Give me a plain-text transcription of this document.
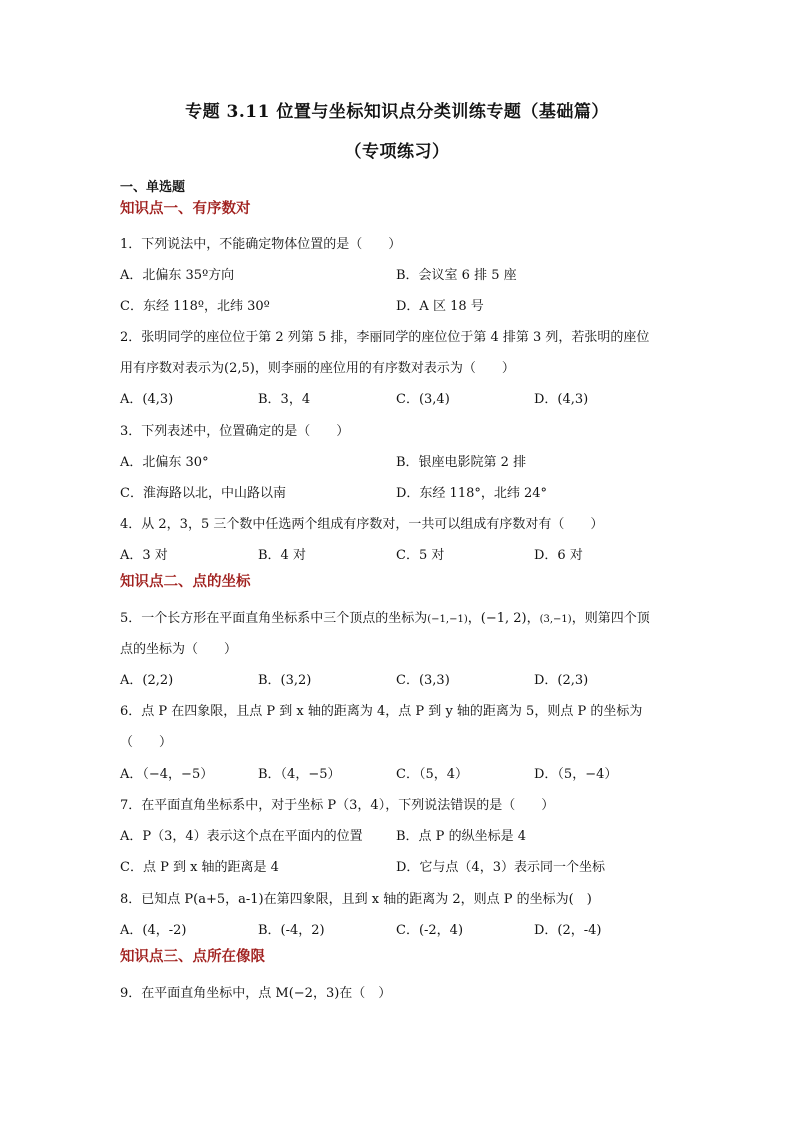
专题 3.11 位置与坐标知识点分类训练专题（基础篇）
（专项练习）
一、单选题
知识点一、有序数对
1．下列说法中，不能确定物体位置的是（　　）
A．北偏东 35º方向	B．会议室 6 排 5 座
C．东经 118º，北纬 30º	D．A 区 18 号
2．张明同学的座位位于第 2 列第 5 排，李丽同学的座位位于第 4 排第 3 列，若张明的座位
用有序数对表示为(2,5)，则李丽的座位用的有序数对表示为（　　）
A．(4,3)	B．3，4	C．(3,4)	D．(4,3)
3．下列表述中，位置确定的是（　　）
A．北偏东 30°	B．银座电影院第 2 排
C．淮海路以北，中山路以南	D．东经 118°，北纬 24°
4．从 2，3，5 三个数中任选两个组成有序数对，一共可以组成有序数对有（　　）
A．3 对	B．4 对	C．5 对	D．6 对
知识点二、点的坐标
5．一个长方形在平面直角坐标系中三个顶点的坐标为(−1,−1)，(−1, 2)，(3,−1)，则第四个顶
点的坐标为（　　）
A．(2,2)	B．(3,2)	C．(3,3)	D．(2,3)
6．点 P 在四象限，且点 P 到 x 轴的距离为 4，点 P 到 y 轴的距离为 5，则点 P 的坐标为
（　　）
A．（−4，−5）	B．（4，−5）	C．（5，4）	D．（5，−4）
7．在平面直角坐标系中，对于坐标 P（3，4），下列说法错误的是（　　）
A．P（3，4）表示这个点在平面内的位置	B．点 P 的纵坐标是 4
C．点 P 到 x 轴的距离是 4	D．它与点（4，3）表示同一个坐标
8．已知点 P(a+5，a-1)在第四象限，且到 x 轴的距离为 2，则点 P 的坐标为(　)
A．(4，-2)	B．(-4，2)	C．(-2，4)	D．(2，-4)
知识点三、点所在像限
9．在平面直角坐标中，点 M(−2，3)在（　）
